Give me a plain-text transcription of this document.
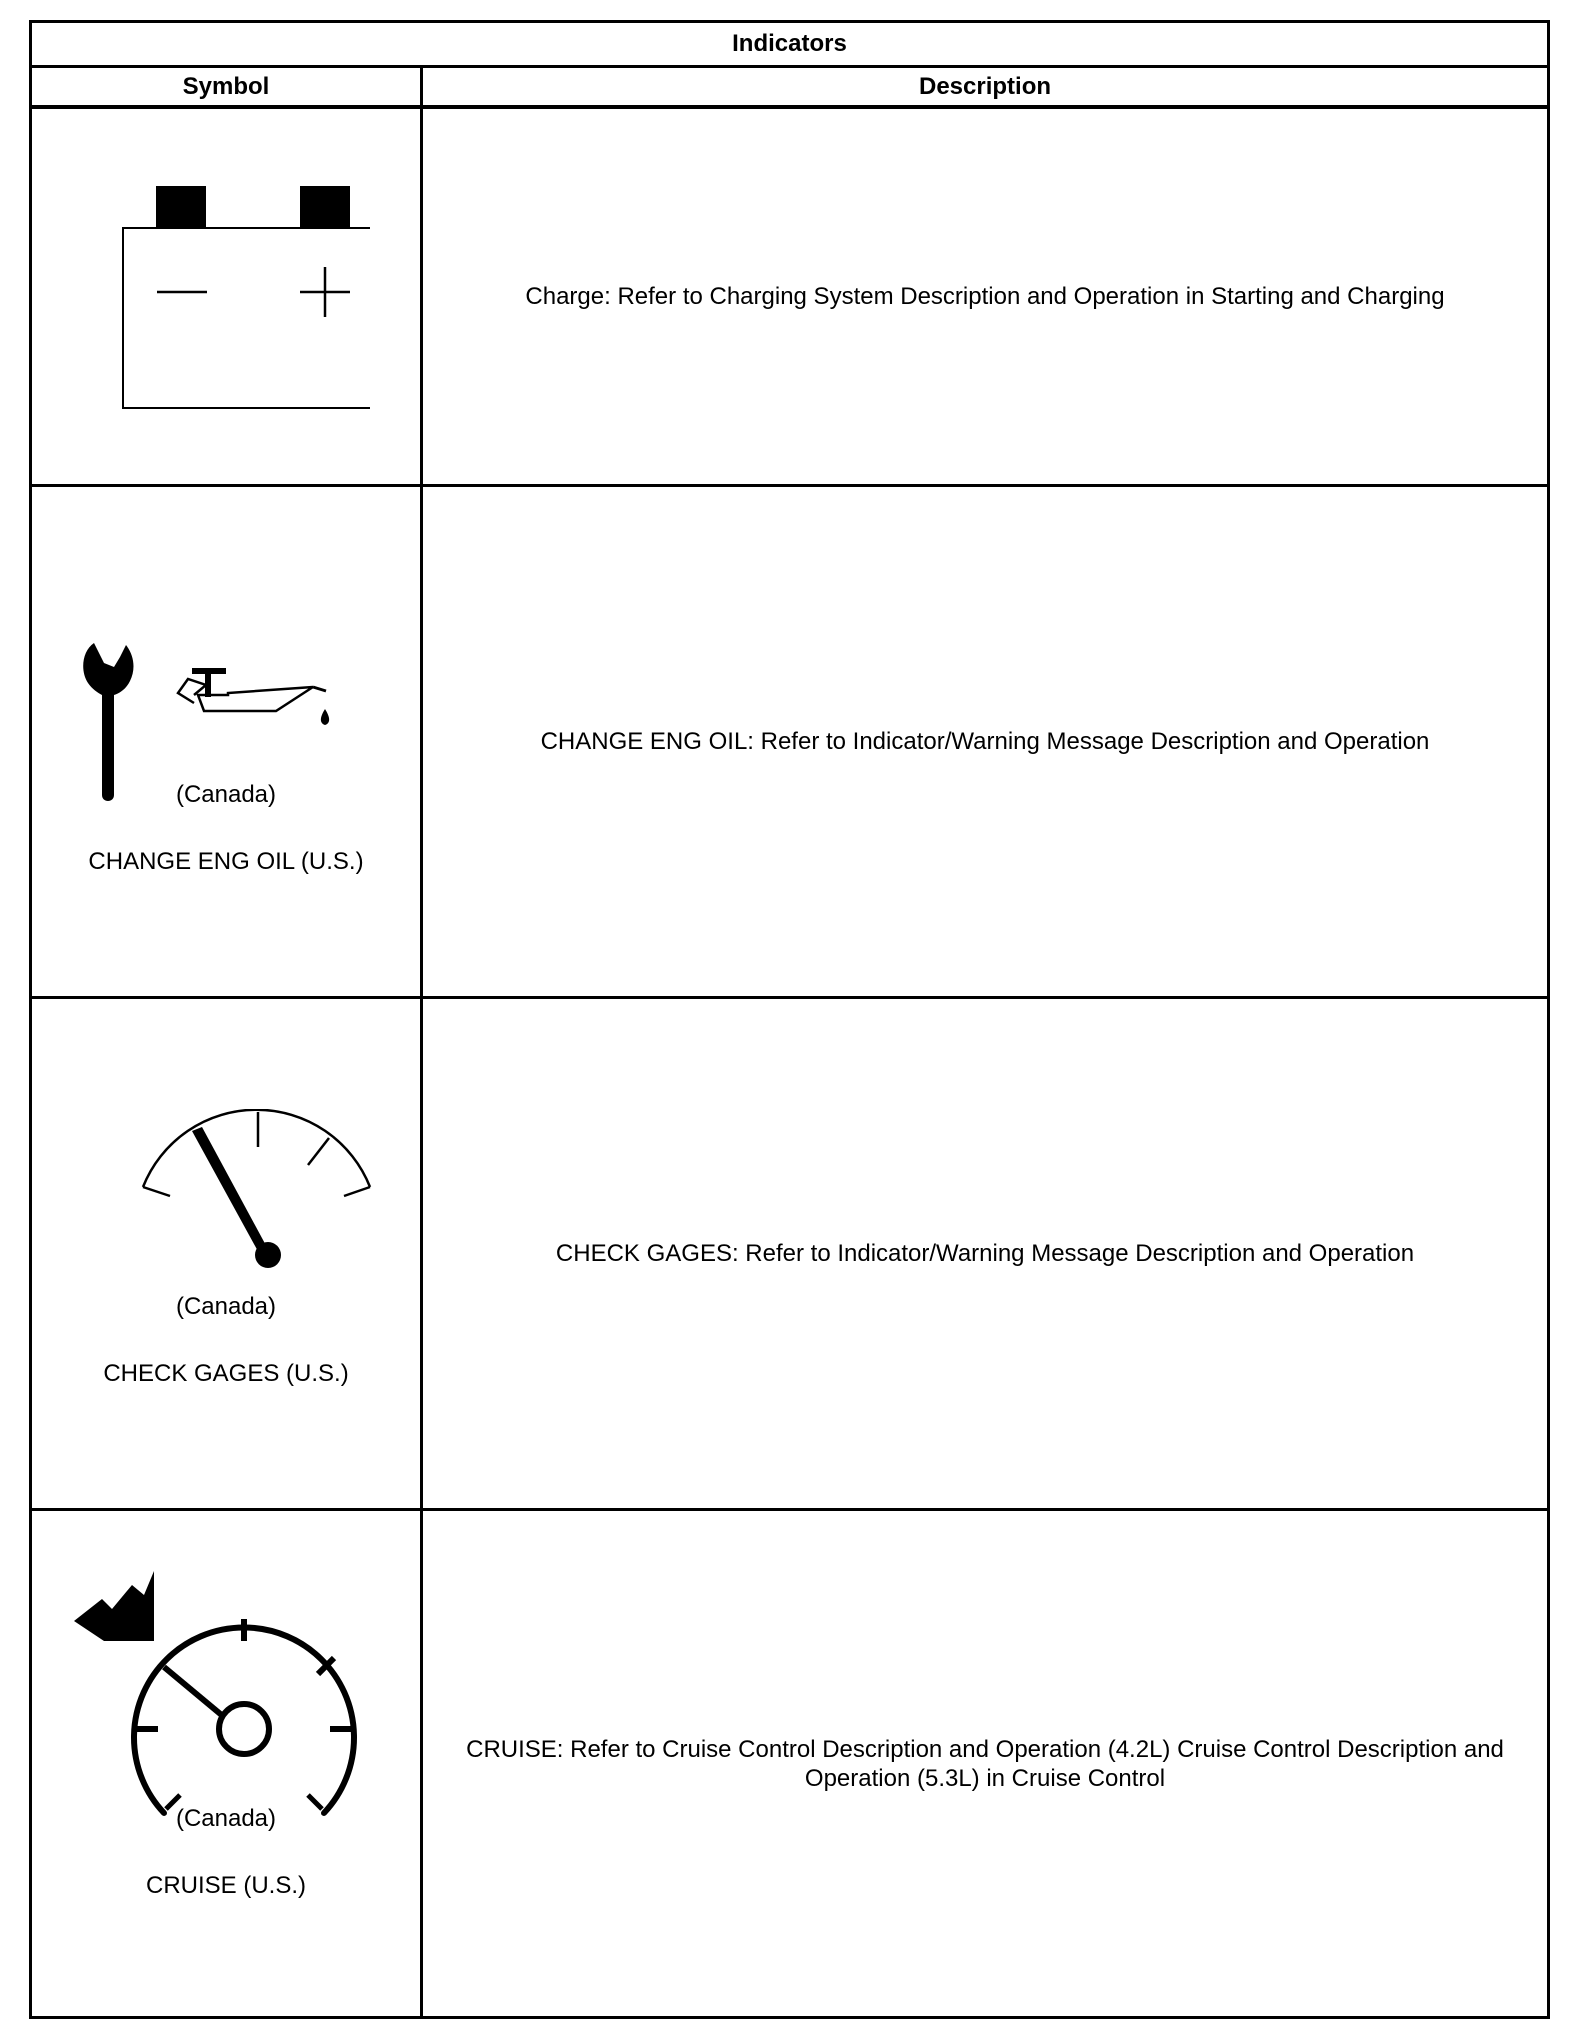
Indicators
Symbol	Description
Charge: Refer to Charging System Description and Operation in Starting and Charging
(Canada)
CHANGE ENG OIL (U.S.)
CHANGE ENG OIL: Refer to Indicator/Warning Message Description and Operation
(Canada)
CHECK GAGES (U.S.)
CHECK GAGES: Refer to Indicator/Warning Message Description and Operation
(Canada)
CRUISE (U.S.)
CRUISE: Refer to Cruise Control Description and Operation (4.2L) Cruise Control Description and Operation (5.3L) in Cruise Control
